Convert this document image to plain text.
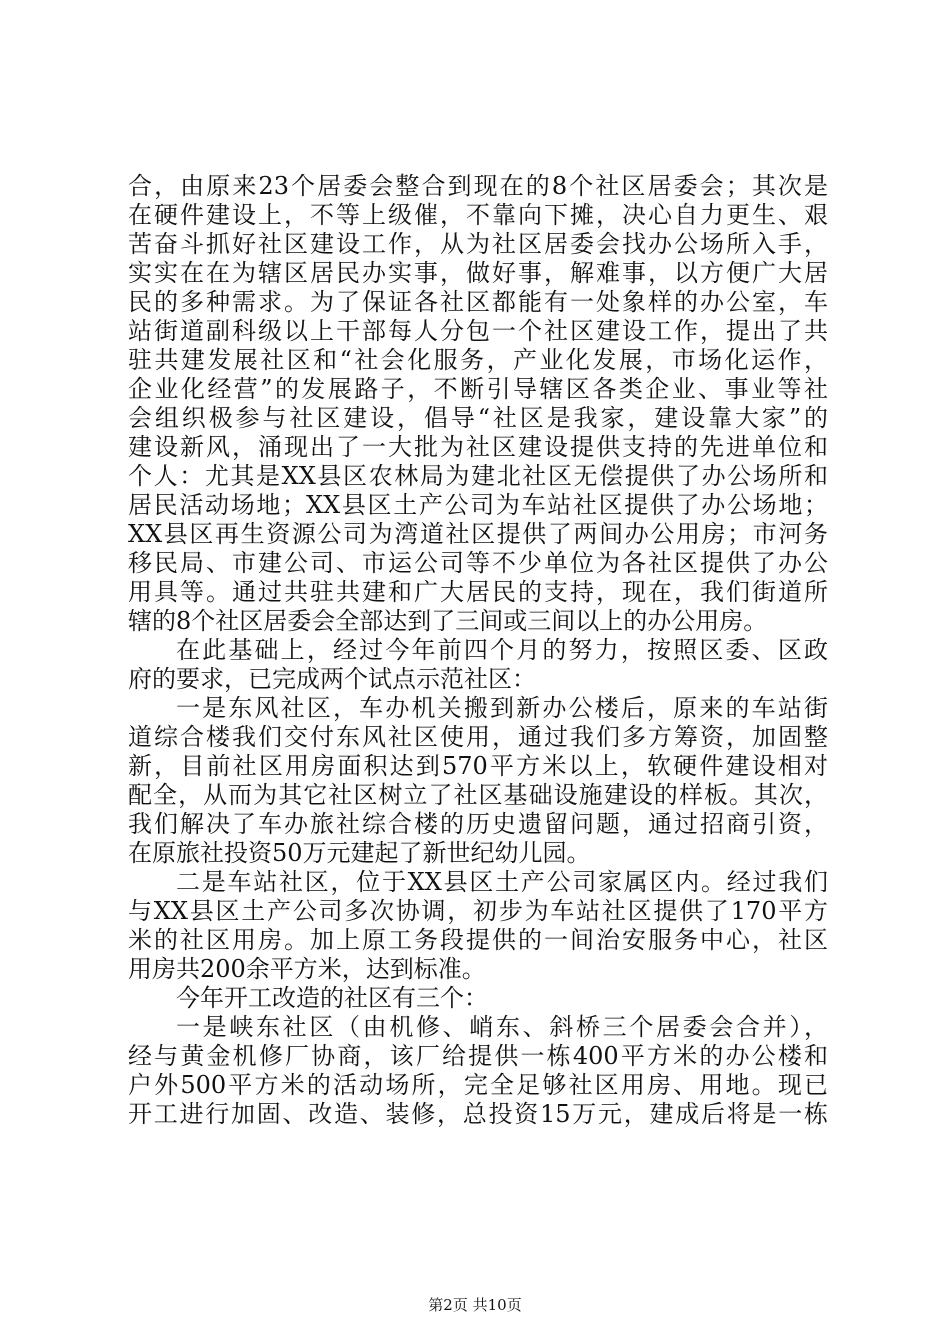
合，由原来23个居委会整合到现在的8个社区居委会；其次是
在硬件建设上，不等上级催，不靠向下摊，决心自力更生、艰
苦奋斗抓好社区建设工作，从为社区居委会找办公场所入手，
实实在在为辖区居民办实事，做好事，解难事，以方便广大居
民的多种需求。为了保证各社区都能有一处象样的办公室，车
站街道副科级以上干部每人分包一个社区建设工作，提出了共
驻共建发展社区和“社会化服务，产业化发展，市场化运作，
企业化经营”的发展路子，不断引导辖区各类企业、事业等社
会组织极参与社区建设，倡导“社区是我家，建设靠大家”的
建设新风，涌现出了一大批为社区建设提供支持的先进单位和
个人：尤其是XX县区农林局为建北社区无偿提供了办公场所和
居民活动场地；XX县区土产公司为车站社区提供了办公场地；
XX县区再生资源公司为湾道社区提供了两间办公用房；市河务
移民局、市建公司、市运公司等不少单位为各社区提供了办公
用具等。通过共驻共建和广大居民的支持，现在，我们街道所
辖的8个社区居委会全部达到了三间或三间以上的办公用房。
在此基础上，经过今年前四个月的努力，按照区委、区政
府的要求，已完成两个试点示范社区：
一是东风社区，车办机关搬到新办公楼后，原来的车站街
道综合楼我们交付东风社区使用，通过我们多方筹资，加固整
新，目前社区用房面积达到570平方米以上，软硬件建设相对
配全，从而为其它社区树立了社区基础设施建设的样板。其次，
我们解决了车办旅社综合楼的历史遗留问题，通过招商引资，
在原旅社投资50万元建起了新世纪幼儿园。
二是车站社区，位于XX县区土产公司家属区内。经过我们
与XX县区土产公司多次协调，初步为车站社区提供了170平方
米的社区用房。加上原工务段提供的一间治安服务中心，社区
用房共200余平方米，达到标准。
今年开工改造的社区有三个：
一是峡东社区（由机修、峭东、斜桥三个居委会合并），
经与黄金机修厂协商，该厂给提供一栋400平方米的办公楼和
户外500平方米的活动场所，完全足够社区用房、用地。现已
开工进行加固、改造、装修，总投资15万元，建成后将是一栋
第2页 共10页
